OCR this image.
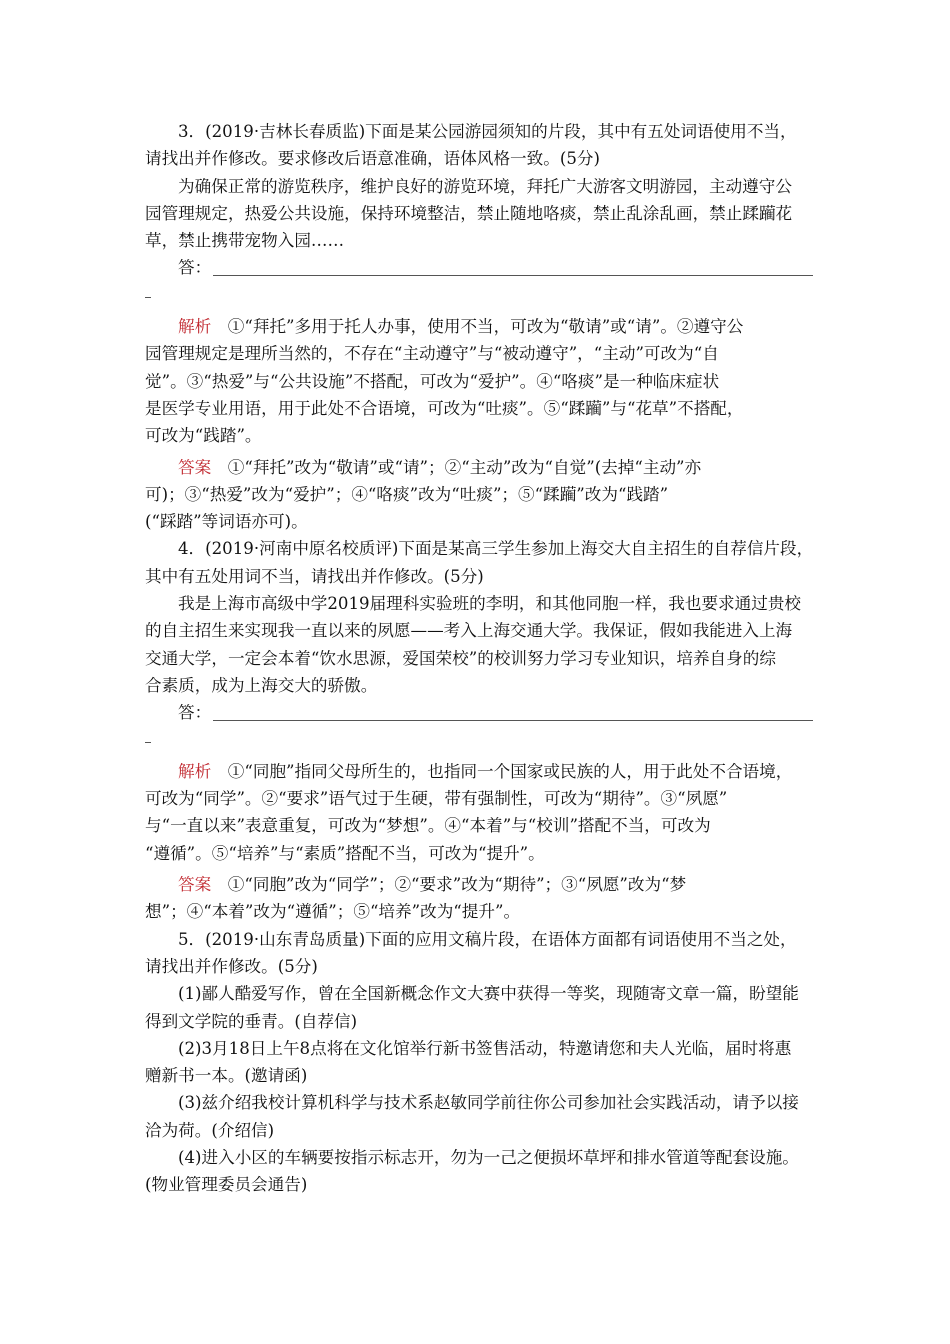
3．(2019·吉林长春质监)下面是某公园游园须知的片段，其中有五处词语使用不当，
请找出并作修改。要求修改后语意准确，语体风格一致。(5分)
为确保正常的游览秩序，维护良好的游览环境，拜托广大游客文明游园，主动遵守公
园管理规定，热爱公共设施，保持环境整洁，禁止随地咯痰，禁止乱涂乱画，禁止蹂躏花
草，禁止携带宠物入园……
答：
解析　 ①“拜托”多用于托人办事，使用不当，可改为“敬请”或“请”。②遵守公
园管理规定是理所当然的，不存在“主动遵守”与“被动遵守”，“主动”可改为“自
觉”。③“热爱”与“公共设施”不搭配，可改为“爱护”。④“咯痰”是一种临床症状
是医学专业用语，用于此处不合语境，可改为“吐痰”。⑤“蹂躏”与“花草”不搭配，
可改为“践踏”。
答案　 ①“拜托”改为“敬请”或“请”；②“主动”改为“自觉”(去掉“主动”亦
可)；③“热爱”改为“爱护”；④“咯痰”改为“吐痰”；⑤“蹂躏”改为“践踏”
(“踩踏”等词语亦可)。
4．(2019·河南中原名校质评)下面是某高三学生参加上海交大自主招生的自荐信片段，
其中有五处用词不当，请找出并作修改。(5分)
我是上海市高级中学2019届理科实验班的李明，和其他同胞一样，我也要求通过贵校
的自主招生来实现我一直以来的夙愿——考入上海交通大学。我保证，假如我能进入上海
交通大学，一定会本着“饮水思源，爱国荣校”的校训努力学习专业知识，培养自身的综
合素质，成为上海交大的骄傲。
答：
解析　 ①“同胞”指同父母所生的，也指同一个国家或民族的人，用于此处不合语境，
可改为“同学”。②“要求”语气过于生硬，带有强制性，可改为“期待”。③“夙愿”
与“一直以来”表意重复，可改为“梦想”。④“本着”与“校训”搭配不当，可改为
“遵循”。⑤“培养”与“素质”搭配不当，可改为“提升”。
答案　 ①“同胞”改为“同学”；②“要求”改为“期待”；③“夙愿”改为“梦
想”；④“本着”改为“遵循”；⑤“培养”改为“提升”。
5．(2019·山东青岛质量)下面的应用文稿片段，在语体方面都有词语使用不当之处，
请找出并作修改。(5分)
(1)鄙人酷爱写作，曾在全国新概念作文大赛中获得一等奖，现随寄文章一篇，盼望能
得到文学院的垂青。(自荐信)
(2)3月18日上午8点将在文化馆举行新书签售活动，特邀请您和夫人光临，届时将惠
赠新书一本。(邀请函)
(3)兹介绍我校计算机科学与技术系赵敏同学前往你公司参加社会实践活动，请予以接
洽为荷。(介绍信)
(4)进入小区的车辆要按指示标志开，勿为一己之便损坏草坪和排水管道等配套设施。
(物业管理委员会通告)
